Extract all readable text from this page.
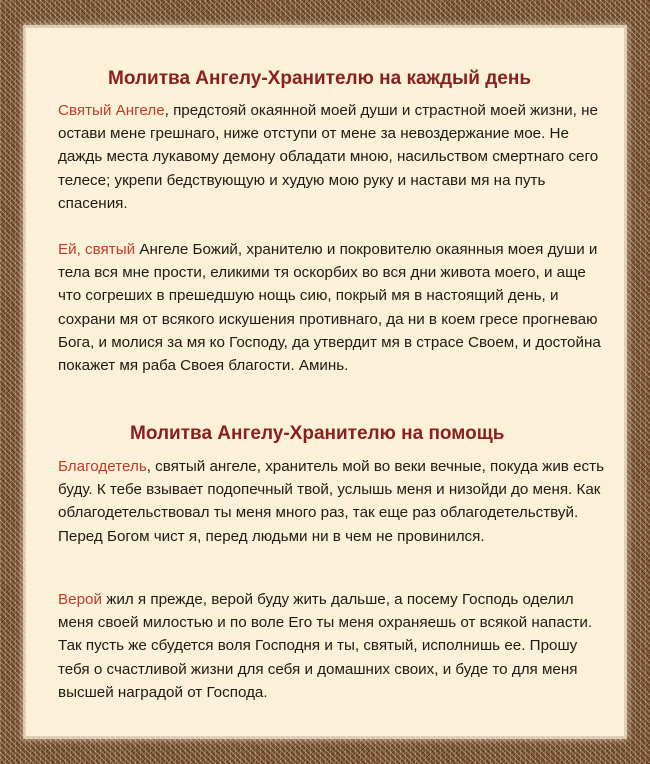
Молитва Ангелу-Хранителю на каждый день

Святый Ангеле, предстояй окаянной моей души и страстной моей жизни, не остави мене грешнаго, ниже отступи от мене за невоздержание мое. Не даждь места лукавому демону обладати мною, насильством смертнаго сего телесе; укрепи бедствующую и худую мою руку и настави мя на путь спасения.

Ей, святый Ангеле Божий, хранителю и покровителю окаянныя моея души и тела вся мне прости, еликими тя оскорбих во вся дни живота моего, и аще что согреших в прешедшую нощь сию, покрый мя в настоящий день, и сохрани мя от всякого искушения противнаго, да ни в коем гресе прогневаю Бога, и молися за мя ко Господу, да утвердит мя в страсе Своем, и достойна покажет мя раба Своея благости. Аминь.

Молитва Ангелу-Хранителю на помощь

Благодетель, святый ангеле, хранитель мой во веки вечные, покуда жив есть буду. К тебе взывает подопечный твой, услышь меня и низойди до меня. Как облагодетельствовал ты меня много раз, так еще раз облагодетельствуй. Перед Богом чист я, перед людьми ни в чем не провинился.

Верой жил я прежде, верой буду жить дальше, а посему Господь оделил меня своей милостью и по воле Его ты меня охраняешь от всякой напасти. Так пусть же сбудется воля Господня и ты, святый, исполнишь ее. Прошу тебя о счастливой жизни для себя и домашних своих, и буде то для меня высшей наградой от Господа.
